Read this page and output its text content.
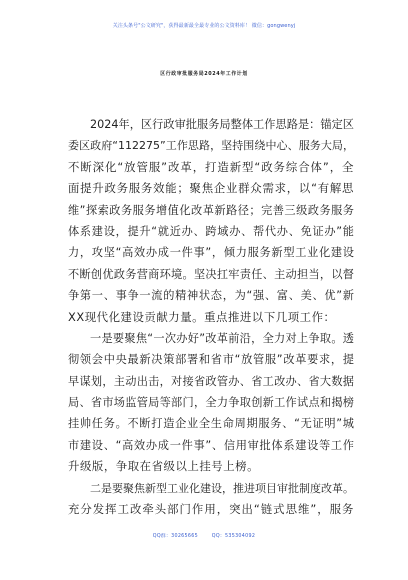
关注头条号"公文研究"，获得最新最全最专业的公文资料库！ 微信：gongwenyj
区行政审批服务局2024年工作计划
2024年，区行政审批服务局整体工作思路是：锚定区
委区政府“112275”工作思路，坚持围绕中心、服务大局，
不断深化“放管服”改革，打造新型“政务综合体”，全
面提升政务服务效能；聚焦企业群众需求，以“有解思
维”探索政务服务增值化改革新路径；完善三级政务服务
体系建设，提升“就近办、跨域办、帮代办、免证办”能
力，攻坚“高效办成一件事”，倾力服务新型工业化建设
不断创优政务营商环境。坚决扛牢责任、主动担当，以督
争第一、事争一流的精神状态，为“强、富、美、优”新
XX现代化建设贡献力量。重点推进以下几项工作：
一是要聚焦“一次办好”改革前沿，全力对上争取。透
彻领会中央最新决策部署和省市“放管服”改革要求，提
早谋划，主动出击，对接省政管办、省工改办、省大数据
局、省市场监管局等部门，全力争取创新工作试点和揭榜
挂帅任务。不断打造企业全生命周期服务、“无证明”城
市建设、“高效办成一件事”、信用审批体系建设等工作
升级版，争取在省级以上挂号上榜。
二是要聚焦新型工业化建设，推进项目审批制度改革。
充分发挥工改牵头部门作用，突出“链式思维”，服务
QQ群：30265665	QQ：535304092
